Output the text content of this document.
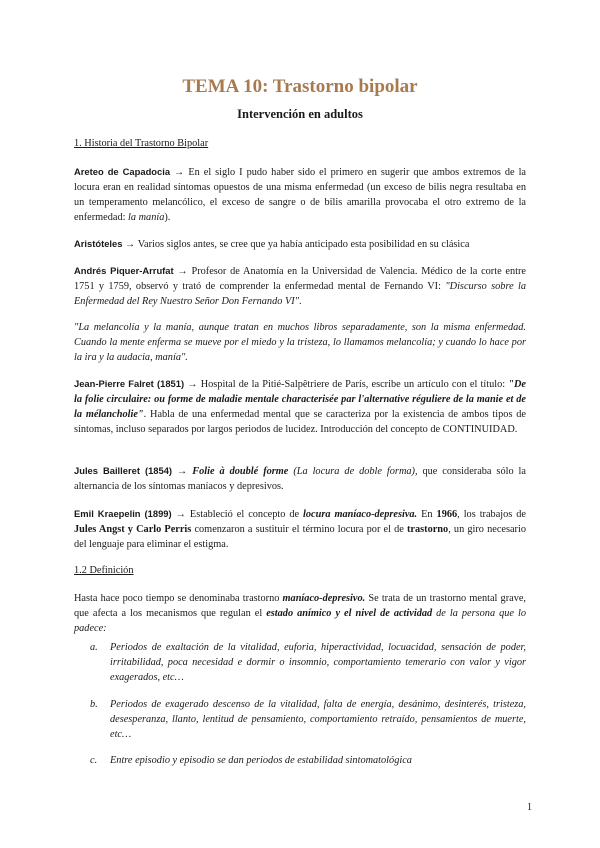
TEMA 10: Trastorno bipolar
Intervención en adultos
1. Historia del Trastorno Bipolar
Areteo de Capadocia → En el siglo I pudo haber sido el primero en sugerir que ambos extremos de la locura eran en realidad síntomas opuestos de una misma enfermedad (un exceso de bilis negra resultaba en un temperamento melancólico, el exceso de sangre o de bilis amarilla provocaba el otro extremo de la enfermedad: la manía).
Aristóteles → Varios siglos antes, se cree que ya había anticipado esta posibilidad en su clásica
Andrés Piquer-Arrufat → Profesor de Anatomía en la Universidad de Valencia. Médico de la corte entre 1751 y 1759, observó y trató de comprender la enfermedad mental de Fernando VI: "Discurso sobre la Enfermedad del Rey Nuestro Señor Don Fernando VI".
"La melancolía y la manía, aunque tratan en muchos libros separadamente, son la misma enfermedad. Cuando la mente enferma se mueve por el miedo y la tristeza, lo llamamos melancolía; y cuando lo hace por la ira y la audacia, manía".
Jean-Pierre Falret (1851) → Hospital de la Pitié-Salpêtriere de París, escribe un artículo con el título: "De la folie circulaire: ou forme de maladie mentale characterisée par l'alternative réguliere de la manie et de la mélancholie". Habla de una enfermedad mental que se caracteriza por la existencia de ambos tipos de síntomas, incluso separados por largos periodos de lucidez. Introducción del concepto de CONTINUIDAD.
Jules Bailleret (1854) → Folie à doublé forme (La locura de doble forma), que consideraba sólo la alternancia de los síntomas maníacos y depresivos.
Emil Kraepelin (1899) → Estableció el concepto de locura maníaco-depresiva. En 1966, los trabajos de Jules Angst y Carlo Perris comenzaron a sustituir el término locura por el de trastorno, un giro necesario del lenguaje para eliminar el estigma.
1.2 Definición
Hasta hace poco tiempo se denominaba trastorno maníaco-depresivo. Se trata de un trastorno mental grave, que afecta a los mecanismos que regulan el estado anímico y el nivel de actividad de la persona que lo padece:
a. Periodos de exaltación de la vitalidad, euforia, hiperactividad, locuacidad, sensación de poder, irritabilidad, poca necesidad e dormir o insomnio, comportamiento temerario con valor y vigor exagerados, etc…
b. Periodos de exagerado descenso de la vitalidad, falta de energía, desánimo, desinterés, tristeza, desesperanza, llanto, lentitud de pensamiento, comportamiento retraído, pensamientos de muerte, etc…
c. Entre episodio y episodio se dan periodos de estabilidad sintomatológica
1
